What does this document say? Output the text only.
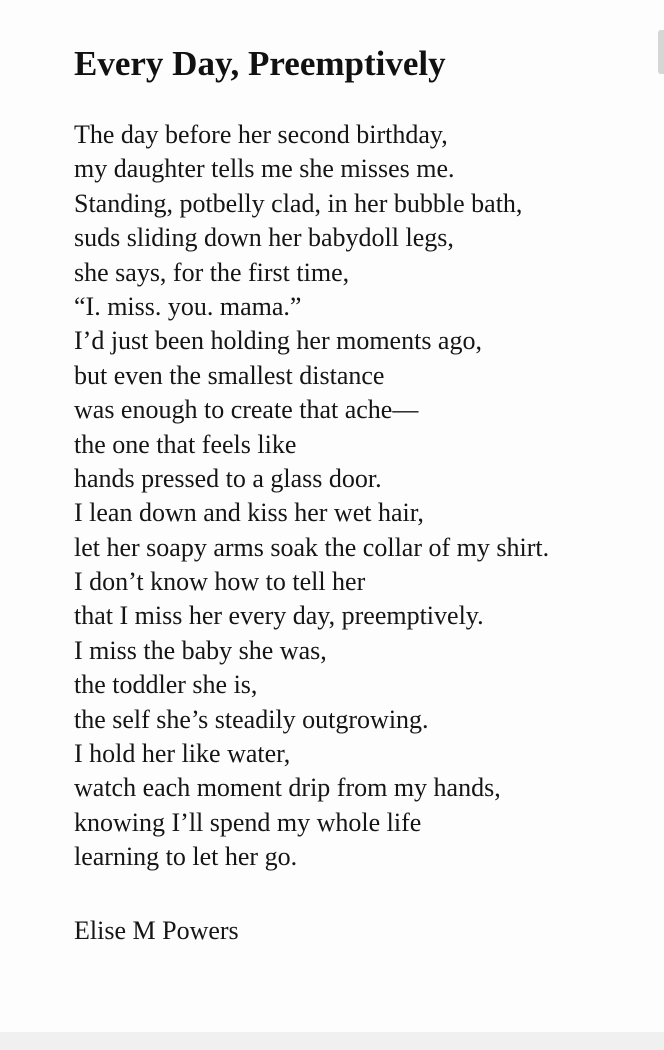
Every Day, Preemptively
The day before her second birthday,
my daughter tells me she misses me.
Standing, potbelly clad, in her bubble bath,
suds sliding down her babydoll legs,
she says, for the first time,
“I. miss. you. mama.”
I’d just been holding her moments ago,
but even the smallest distance
was enough to create that ache—
the one that feels like
hands pressed to a glass door.
I lean down and kiss her wet hair,
let her soapy arms soak the collar of my shirt.
I don’t know how to tell her
that I miss her every day, preemptively.
I miss the baby she was,
the toddler she is,
the self she’s steadily outgrowing.
I hold her like water,
watch each moment drip from my hands,
knowing I’ll spend my whole life
learning to let her go.

Elise M Powers
